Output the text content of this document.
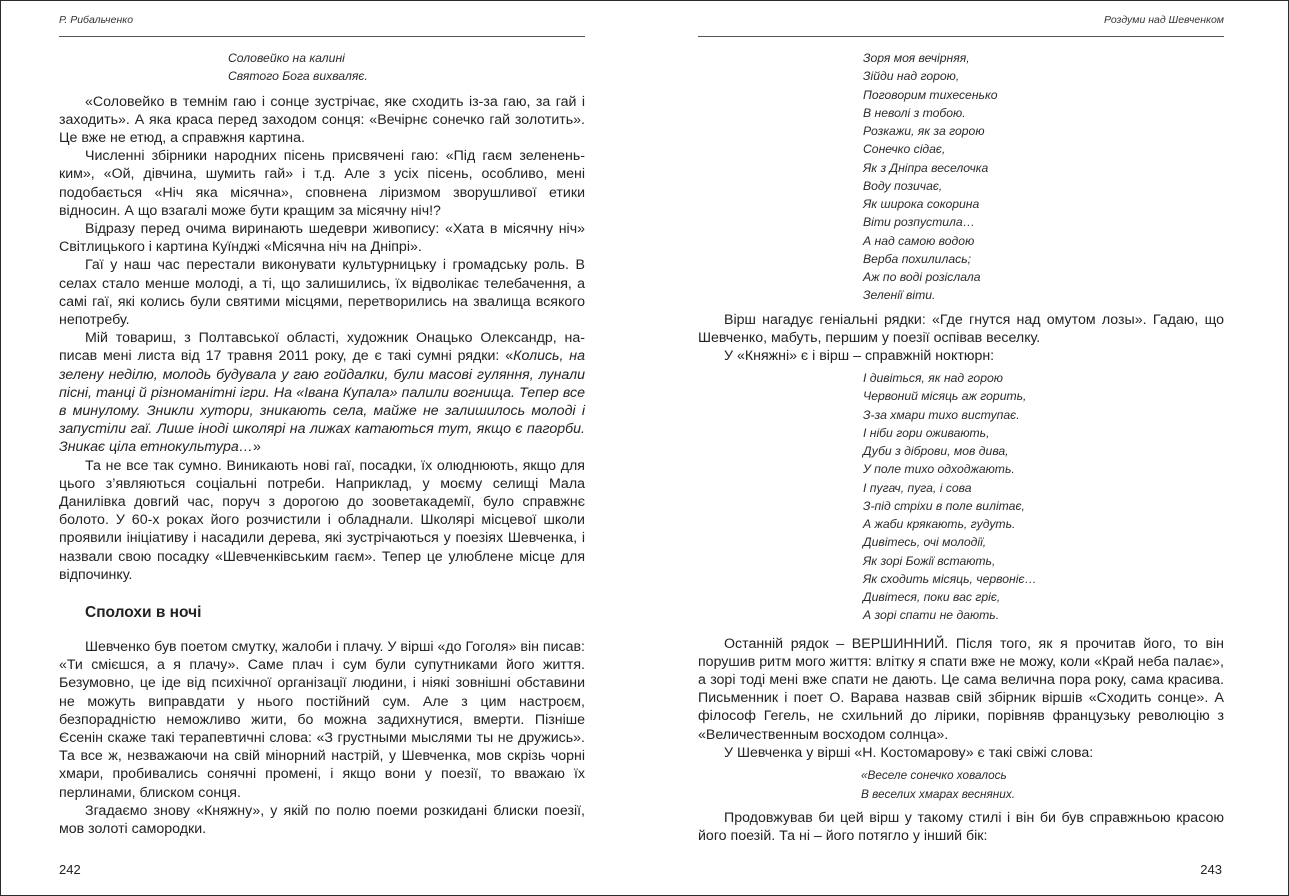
Р. Рибальченко
Соловейко на калині
Святого Бога вихваляє.

«Соловейко в темнім гаю і сонце зустрічає, яке сходить із-за гаю, за гай і заходить». А яка краса перед заходом сонця: «Вечірнє сонечко гай золотить». Це вже не етюд, а справжня картина.

Численні збірники народних пісень присвячені гаю: «Під гаєм зелененьким», «Ой, дівчина, шумить гай» і т.д. Але з усіх пісень, особливо, мені подобається «Ніч яка місячна», сповнена ліризмом зворушливої етики відносин. А що взагалі може бути кращим за місячну ніч!?

Відразу перед очима виринають шедеври живопису: «Хата в місячну ніч» Світлицького і картина Куїнджі «Місячна ніч на Дніпрі».

Гаї у наш час перестали виконувати культурницьку і громадську роль. В селах стало менше молоді, а ті, що залишились, їх відволікає телебачення, а самі гаї, які колись були святими місцями, перетворились на звалища всякого непотребу.

Мій товариш, з Полтавської області, художник Онацько Олександр, написав мені листа від 17 травня 2011 року, де є такі сумні рядки: «Колись, на зелену неділю, молодь будувала у гаю гойдалки, були масові гуляння, лунали пісні, танці й різноманітні ігри. На «Івана Купала» палили вогнища. Тепер все в минулому. Зникли хутори, зникають села, майже не залишилось молоді і запустіли гаї. Лише іноді школярі на лижах катаються тут, якщо є пагорби. Зникає ціла етнокультура…»

Та не все так сумно. Виникають нові гаї, посадки, їх олюднюють, якщо для цього з’являються соціальні потреби. Наприклад, у моєму селищі Мала Данилівка довгий час, поруч з дорогою до зооветакадемії, було справжнє болото. У 60-х роках його розчистили і обладнали. Школярі місцевої школи проявили ініціативу і насадили дерева, які зустрічаються у поезіях Шевченка, і назвали свою посадку «Шевченківським гаєм». Тепер це улюблене місце для відпочинку.

Сполохи в ночі

Шевченко був поетом смутку, жалоби і плачу. У вірші «до Гоголя» він писав: «Ти смієшся, а я плачу». Саме плач і сум були супутниками його життя. Безумовно, це іде від психічної організації людини, і ніякі зовнішні обставини не можуть виправдати у нього постійний сум. Але з цим настроєм, безпорадністю неможливо жити, бо можна задихнутися, вмерти. Пізніше Єсенін скаже такі терапевтичні слова: «З грустными мыслями ты не дружись». Та все ж, незважаючи на свій мінорний настрій, у Шевченка, мов скрізь чорні хмари, пробивались сонячні промені, і якщо вони у поезії, то вважаю їх перлинами, блиском сонця.

Згадаємо знову «Княжну», у якій по полю поеми розкидані блиски поезії, мов золоті самородки.

242
Роздуми над Шевченком
Зоря моя вечірняя,
Зійди над горою,
Поговорим тихесенько
В неволі з тобою.
Розкажи, як за горою
Сонечко сідає,
Як з Дніпра веселочка
Воду позичає,
Як широка сокорина
Віти розпустила…
А над самою водою
Верба похилилась;
Аж по воді розіслала
Зеленії віти.

Вірш нагадує геніальні рядки: «Где гнутся над омутом лозы». Гадаю, що Шевченко, мабуть, першим у поезії оспівав веселку.

У «Княжні» є і вірш – справжній ноктюрн:

І дивіться, як над горою
Червоний місяць аж горить,
З-за хмари тихо виступає.
І ніби гори оживають,
Дуби з діброви, мов дива,
У поле тихо одходжають.
І пугач, пуга, і сова
З-під стріхи в поле вилітає,
А жаби крякають, гудуть.
Дивітесь, очі молодії,
Як зорі Божії встають,
Як сходить місяць, червоніє…
Дивітеся, поки вас гріє,
А зорі спати не дають.

Останній рядок – ВЕРШИННИЙ. Після того, як я прочитав його, то він порушив ритм мого життя: влітку я спати вже не можу, коли «Край неба палає», а зорі тоді мені вже спати не дають. Це сама велична пора року, сама красива. Письменник і поет О. Варава назвав свій збірник віршів «Сходить сонце». А філософ Гегель, не схильний до лірики, порівняв французьку революцію з «Величественным восходом солнца».

У Шевченка у вірші «Н. Костомарову» є такі свіжі слова:

«Веселе сонечко ховалось
В веселих хмарах весняних.

Продовжував би цей вірш у такому стилі і він би був справжньою красою його поезій. Та ні – його потягло у інший бік:

243
